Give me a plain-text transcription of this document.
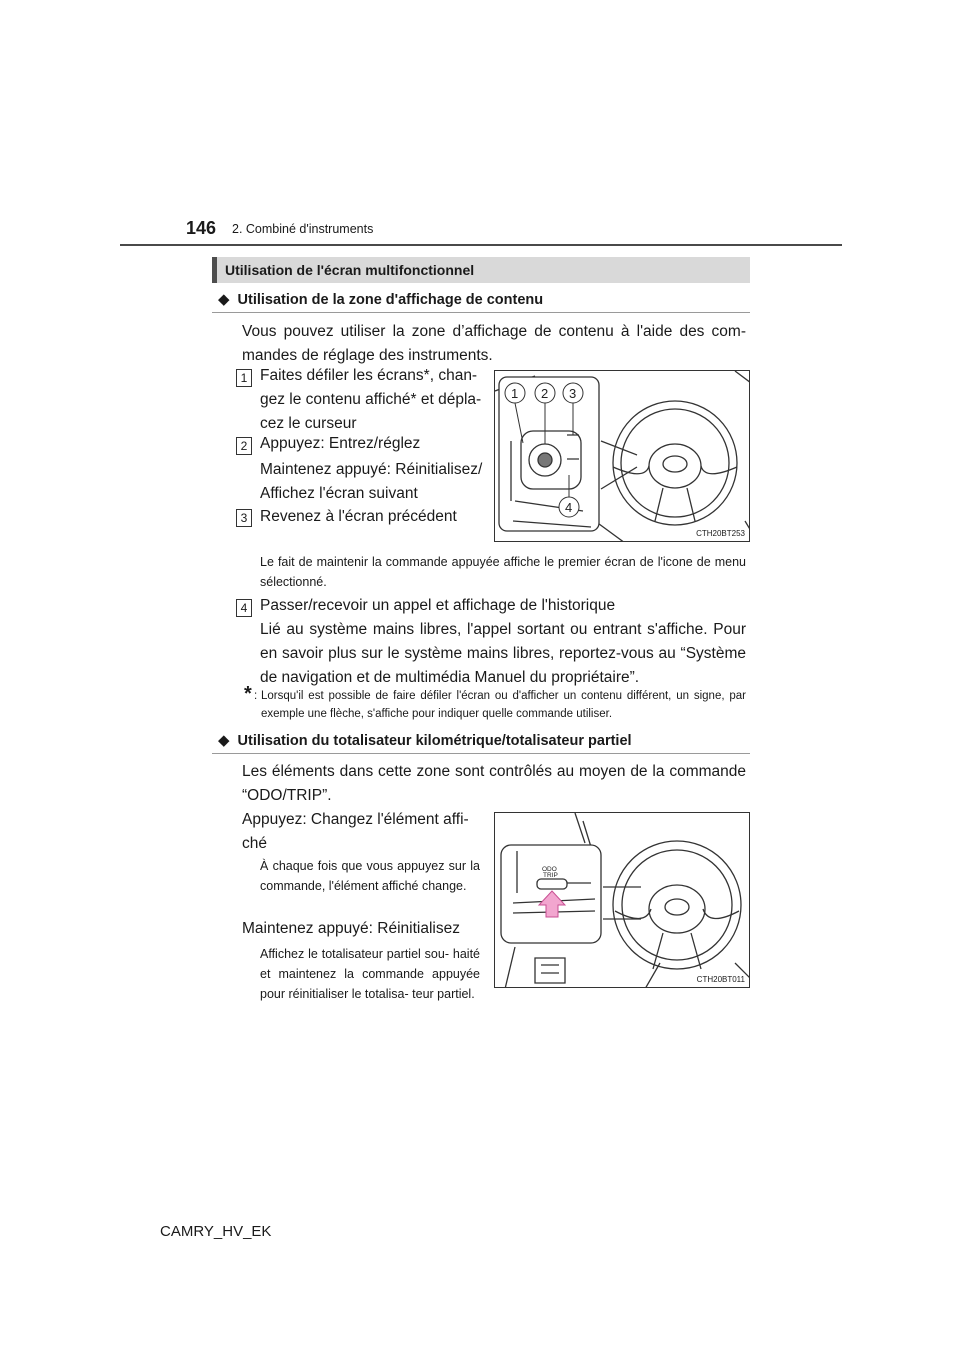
146 2. Combiné d'instruments
Utilisation de l'écran multifonctionnel
◆ Utilisation de la zone d'affichage de contenu
Vous pouvez utiliser la zone d’affichage de contenu à l'aide des com- mandes de réglage des instruments.
1 Faites défiler les écrans*, chan- gez le contenu affiché* et dépla- cez le curseur
2 Appuyez: Entrez/réglez
Maintenez appuyé: Réinitialisez/ Affichez l'écran suivant
3 Revenez à l'écran précédent
1 2 3
4
CTH20BT253
Le fait de maintenir la commande appuyée affiche le premier écran de l'icone de menu sélectionné.
4 Passer/recevoir un appel et affichage de l'historique
Lié au système mains libres, l'appel sortant ou entrant s'affiche. Pour en savoir plus sur le système mains libres, reportez-vous au “Système de navigation et de multimédia Manuel du propriétaire”.
* : Lorsqu'il est possible de faire défiler l'écran ou d'afficher un contenu différent, un signe, par exemple une flèche, s'affiche pour indiquer quelle commande utiliser.
◆ Utilisation du totalisateur kilométrique/totalisateur partiel
Les éléments dans cette zone sont contrôlés au moyen de la commande “ODO/TRIP”.
Appuyez: Changez l'élément affi- ché
À chaque fois que vous appuyez sur la commande, l'élément affiché change.
Maintenez appuyé: Réinitialisez
Affichez le totalisateur partiel sou- haité et maintenez la commande appuyée pour réinitialiser le totalisa- teur partiel.
ODO
TRIP
CTH20BT011
CAMRY_HV_EK
